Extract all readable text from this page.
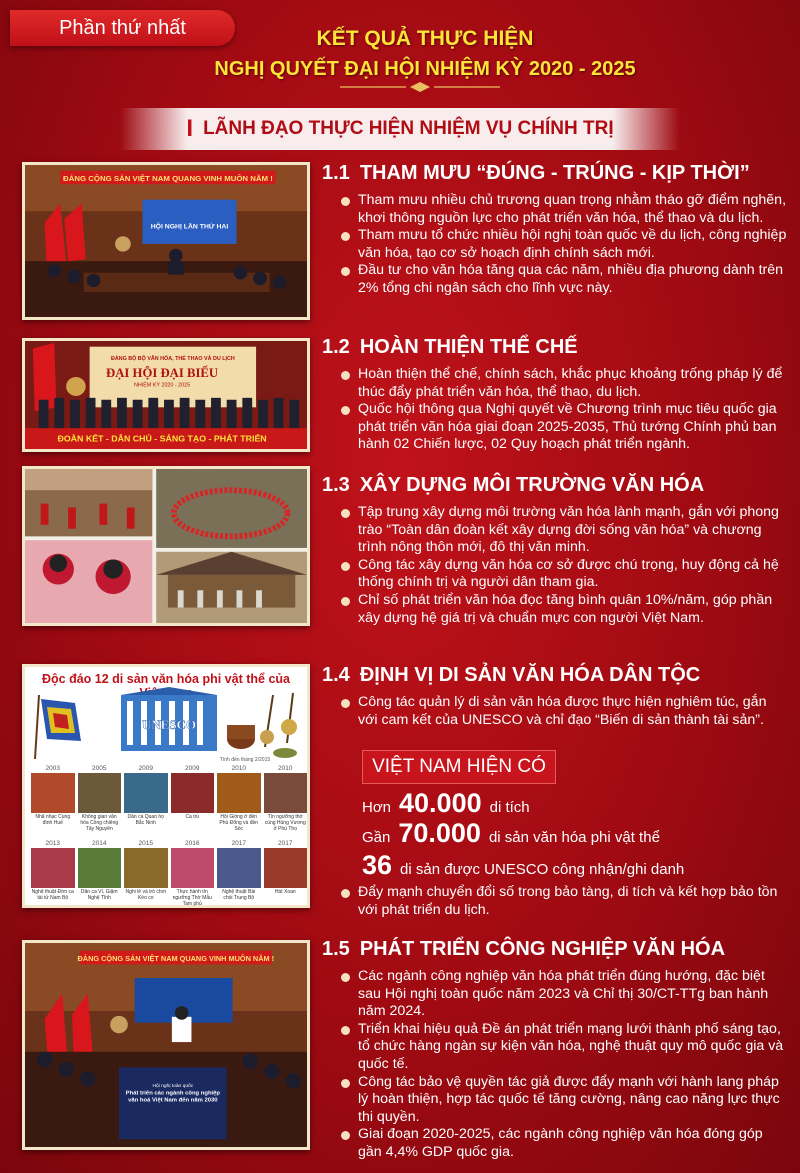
Phần thứ nhất	KẾT QUẢ THỰC HIỆN
NGHỊ QUYẾT ĐẠI HỘI NHIỆM KỲ 2020 - 2025
I LÃNH ĐẠO THỰC HIỆN NHIỆM VỤ CHÍNH TRỊ
ĐẢNG CỘNG SẢN VIỆT NAM QUANG VINH MUÔN NĂM !
HỘI NGHỊ LẦN THỨ HAI
1.1 THAM MƯU “ĐÚNG - TRÚNG - KỊP THỜI”
Tham mưu nhiều chủ trương quan trọng nhằm tháo gỡ điểm nghẽn, khơi thông nguồn lực cho phát triển văn hóa, thể thao và du lịch.
Tham mưu tổ chức nhiều hội nghị toàn quốc về du lịch, công nghiệp văn hóa, tạo cơ sở hoạch định chính sách mới.
Đầu tư cho văn hóa tăng qua các năm, nhiều địa phương dành trên 2% tổng chi ngân sách cho lĩnh vực này.
ĐẢNG BỘ BỘ VĂN HÓA, THỂ THAO VÀ DU LỊCH
ĐẠI HỘI ĐẠI BIỂU
NHIỆM KỲ 2020 - 2025
ĐOÀN KẾT - DÂN CHỦ - SÁNG TẠO - PHÁT TRIỂN
1.2 HOÀN THIỆN THỂ CHẾ
Hoàn thiện thể chế, chính sách, khắc phục khoảng trống pháp lý để thúc đẩy phát triển văn hóa, thể thao, du lịch.
Quốc hội thông qua Nghị quyết về Chương trình mục tiêu quốc gia phát triển văn hóa giai đoạn 2025-2035, Thủ tướng Chính phủ ban hành 02 Chiến lược, 02 Quy hoạch phát triển ngành.
1.3 XÂY DỰNG MÔI TRƯỜNG VĂN HÓA
Tập trung xây dựng môi trường văn hóa lành mạnh, gắn với phong trào “Toàn dân đoàn kết xây dựng đời sống văn hóa” và chương trình nông thôn mới, đô thị văn minh.
Công tác xây dựng văn hóa cơ sở được chú trọng, huy động cả hệ thống chính trị và người dân tham gia.
Chỉ số phát triển văn hóa đọc tăng bình quân 10%/năm, góp phần xây dựng hệ giá trị và chuẩn mực con người Việt Nam.
Độc đáo 12 di sản văn hóa phi vật thể của
UNESCO
Tính đến tháng 2/2015
2003
Nhã nhạc Cung đình Huế
2005
Không gian văn hóa Cồng chiêng Tây Nguyên
2009
Dân ca Quan họ Bắc Ninh
2009
Ca trù
2010
Hội Gióng ở đền Phù Đổng và đền Sóc
2010
Tín ngưỡng thờ cúng Hùng Vương ở Phú Thọ
2013
Nghệ thuật Đờn ca tài tử Nam Bộ
2014
Dân ca Ví, Giặm Nghệ Tĩnh
2015
Nghi lễ và trò chơi Kéo co
2016
Thực hành tín ngưỡng Thờ Mẫu Tam phủ
2017
Nghệ thuật Bài chòi Trung Bộ
2017
Hát Xoan
1.4 ĐỊNH VỊ DI SẢN VĂN HÓA DÂN TỘC
Công tác quản lý di sản văn hóa được thực hiện nghiêm túc, gắn với cam kết của UNESCO và chỉ đạo “Biến di sản thành tài sản”.
VIỆT NAM HIỆN CÓ
Hơn 40.000 di tích
Gần 70.000 di sản văn hóa phi vật thể
36 di sản được UNESCO công nhận/ghi danh
Đẩy mạnh chuyển đổi số trong bảo tàng, di tích và kết hợp bảo tồn với phát triển du lịch.
ĐẢNG CỘNG SẢN VIỆT NAM QUANG VINH MUÔN NĂM !
Hội nghị toàn quốc
Phát triển các ngành công nghiệp văn hoá Việt Nam đến năm 2030
1.5 PHÁT TRIỂN CÔNG NGHIỆP VĂN HÓA
Các ngành công nghiệp văn hóa phát triển đúng hướng, đặc biệt sau Hội nghị toàn quốc năm 2023 và Chỉ thị 30/CT-TTg ban hành năm 2024.
Triển khai hiệu quả Đề án phát triển mạng lưới thành phố sáng tạo, tổ chức hàng ngàn sự kiện văn hóa, nghệ thuật quy mô quốc gia và quốc tế.
Công tác bảo vệ quyền tác giả được đẩy mạnh với hành lang pháp lý hoàn thiện, hợp tác quốc tế tăng cường, nâng cao năng lực thực thi quyền.
Giai đoạn 2020-2025, các ngành công nghiệp văn hóa đóng góp gần 4,4% GDP quốc gia.
